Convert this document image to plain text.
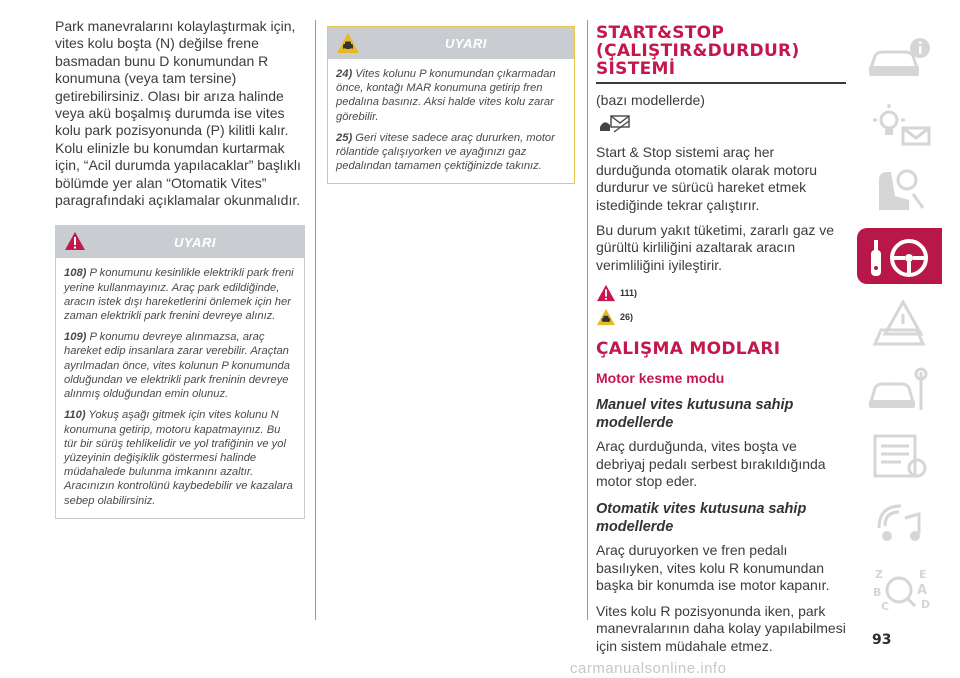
Park manevralarını kolaylaştırmak için, vites kolu boşta (N) değilse frene basmadan bunu D konumundan R konumuna (veya tam tersine) getirebilirsiniz. Olası bir arıza halinde veya akü boşalmış durumda ise vites kolu park pozisyonunda (P) kilitli kalır. Kolu elinizle bu konumdan kurtarmak için, “Acil durumda yapılacaklar” başlıklı bölümde yer alan “Otomatik Vites” paragrafındaki açıklamalar okunmalıdır.
UYARI

108) P konumunu kesinlikle elektrikli park freni yerine kullanmayınız. Araç park edildiğinde, aracın istek dışı hareketlerini önlemek için her zaman elektrikli park frenini devreye alınız.

109) P konumu devreye alınmazsa, araç hareket edip insanlara zarar verebilir. Araçtan ayrılmadan önce, vites kolunun P konumunda olduğundan ve elektrikli park freninin devreye alınmış olduğundan emin olunuz.

110) Yokuş aşağı gitmek için vites kolunu N konumuna getirip, motoru kapatmayınız. Bu tür bir sürüş tehlikelidir ve yol trafiğinin ve yol yüzeyinin değişiklik göstermesi halinde müdahalede bulunma imkanını azaltır. Aracınızın kontrolünü kaybedebilir ve kazalara sebep olabilirsiniz.

UYARI

24) Vites kolunu P konumundan çıkarmadan önce, kontağı MAR konumuna getirip fren pedalına basınız. Aksi halde vites kolu zarar görebilir.

25) Geri vitese sadece araç dururken, motor rölantide çalışıyorken ve ayağınızı gaz pedalından tamamen çektiğinizde takınız.

START&STOP
(ÇALIŞTIR&DURDUR)
SİSTEMİ
(bazı modellerde)
Start & Stop sistemi araç her durduğunda otomatik olarak motoru durdurur ve sürücü hareket etmek istediğinde tekrar çalıştırır.
Bu durum yakıt tüketimi, zararlı gaz ve gürültü kirliliğini azaltarak aracın verimliliğini iyileştirir.
111)
26)
ÇALIŞMA MODLARI
Motor kesme modu
Manuel vites kutusuna sahip modellerde
Araç durduğunda, vites boşta ve debriyaj pedalı serbest bırakıldığında motor stop eder.
Otomatik vites kutusuna sahip modellerde
Araç duruyorken ve fren pedalı basılıyken, vites kolu R konumundan başka bir konumda ise motor kapanır.
Vites kolu R pozisyonunda iken, park manevralarının daha kolay yapılabilmesi için sistem müdahale etmez.
Z	E
B	A
C	D
93
carmanualsonline.info
